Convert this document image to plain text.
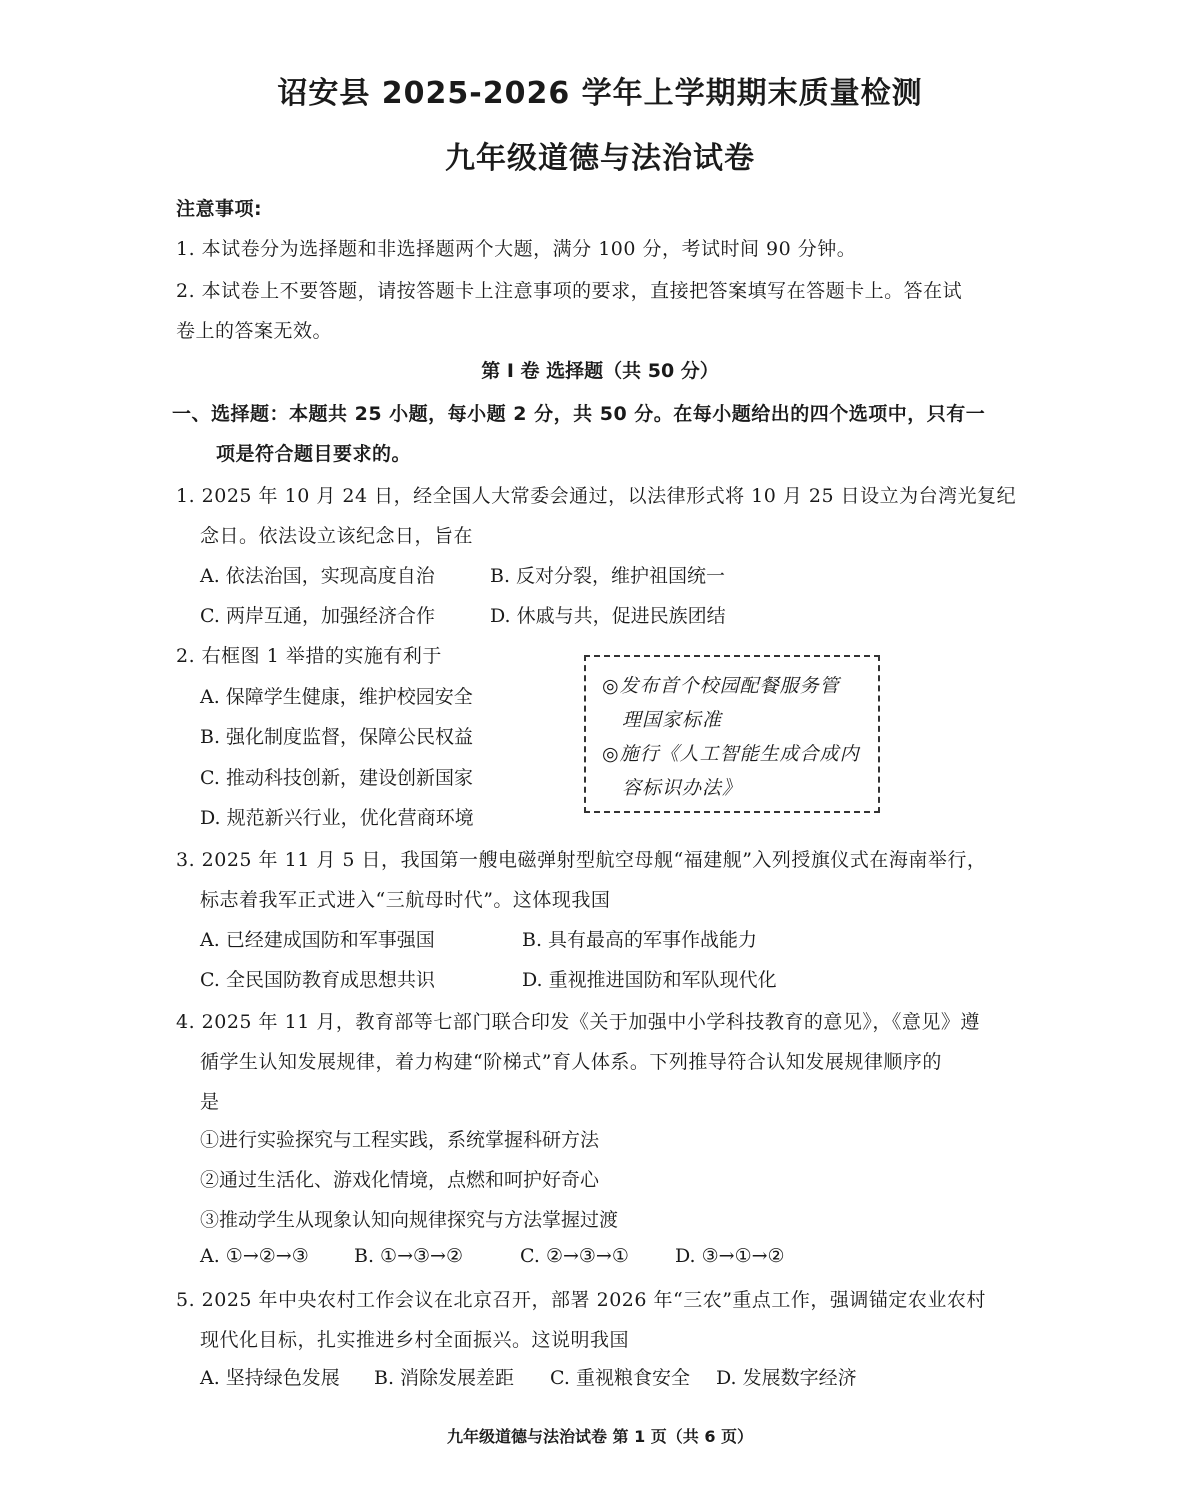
诏安县 2025-2026 学年上学期期末质量检测
九年级道德与法治试卷
注意事项:
1. 本试卷分为选择题和非选择题两个大题，满分 100 分，考试时间 90 分钟。
2. 本试卷上不要答题，请按答题卡上注意事项的要求，直接把答案填写在答题卡上。答在试
卷上的答案无效。
第 I 卷 选择题（共 50 分）
一、选择题：本题共 25 小题，每小题 2 分，共 50 分。在每小题给出的四个选项中，只有一
项是符合题目要求的。
1. 2025 年 10 月 24 日，经全国人大常委会通过，以法律形式将 10 月 25 日设立为台湾光复纪
念日。依法设立该纪念日，旨在
A. 依法治国，实现高度自治	B. 反对分裂，维护祖国统一
C. 两岸互通，加强经济合作	D. 休戚与共，促进民族团结
2. 右框图 1 举措的实施有利于
A. 保障学生健康，维护校园安全
B. 强化制度监督，保障公民权益
C. 推动科技创新，建设创新国家
D. 规范新兴行业，优化营商环境
◎发布首个校园配餐服务管
理国家标准
◎施行《人工智能生成合成内
容标识办法》
3. 2025 年 11 月 5 日，我国第一艘电磁弹射型航空母舰“福建舰”入列授旗仪式在海南举行，
标志着我军正式进入“三航母时代”。这体现我国
A. 已经建成国防和军事强国	B. 具有最高的军事作战能力
C. 全民国防教育成思想共识	D. 重视推进国防和军队现代化
4. 2025 年 11 月，教育部等七部门联合印发《关于加强中小学科技教育的意见》，《意见》遵
循学生认知发展规律，着力构建“阶梯式”育人体系。下列推导符合认知发展规律顺序的
是
①进行实验探究与工程实践，系统掌握科研方法
②通过生活化、游戏化情境，点燃和呵护好奇心
③推动学生从现象认知向规律探究与方法掌握过渡
A. ①→②→③ B. ①→③→②	C. ②→③→① D. ③→①→②
5. 2025 年中央农村工作会议在北京召开，部署 2026 年“三农”重点工作，强调锚定农业农村
现代化目标，扎实推进乡村全面振兴。这说明我国
A. 坚持绿色发展 B. 消除发展差距 C. 重视粮食安全 D. 发展数字经济
九年级道德与法治试卷 第 1 页（共 6 页）
